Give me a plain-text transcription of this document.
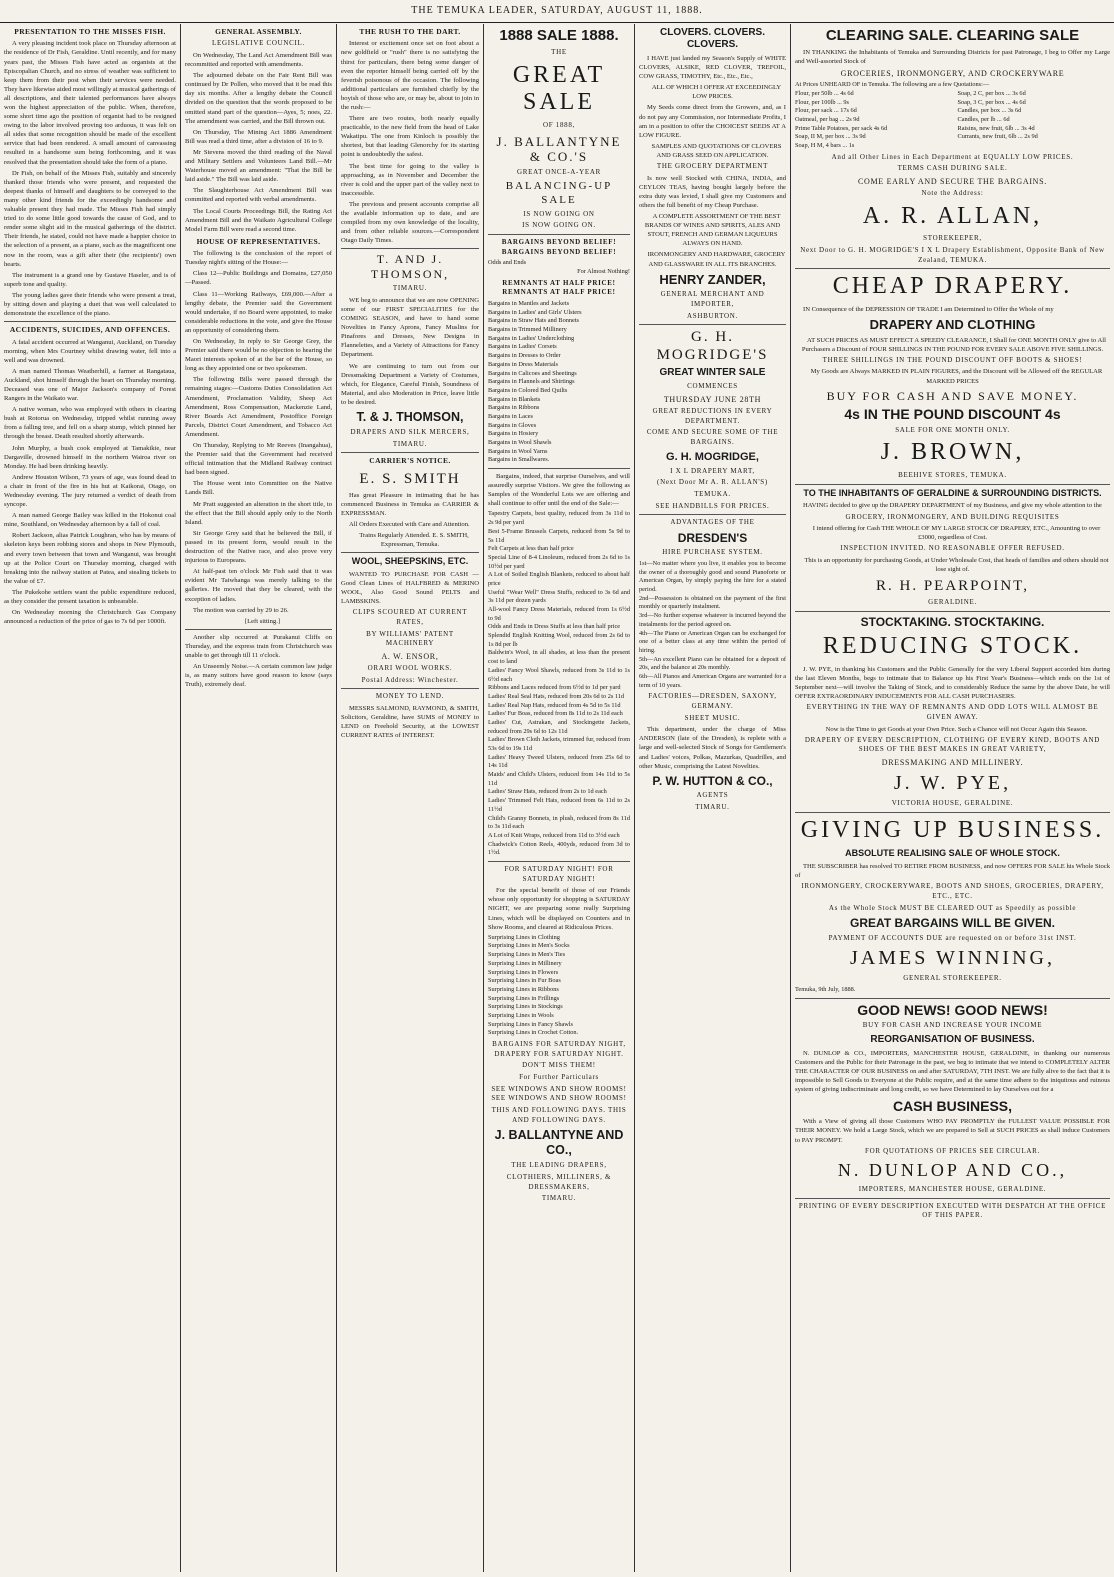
THE TEMUKA LEADER, SATURDAY, AUGUST 11, 1888.
PRESENTATION TO THE MISSES FISH.

A very pleasing incident took place on Thursday afternoon at the residence of Dr Fish, Geraldine. Until recently, and for many years past, the Misses Fish have acted as organists at the Episcopalian Church, and no stress of weather was sufficient to keep them from their post when their services were needed. They have likewise aided most willingly at musical gatherings of all descriptions, and their talented performances have always won the highest appreciation of the public. When, therefore, some short time ago the position of organist had to be resigned owing to the labor involved proving too arduous, it was felt on all sides that some recognition should be made of the excellent service that had been rendered. A small amount of canvassing resulted in a handsome sum being forthcoming, and it was resolved that the presentation should take the form of a piano.

Dr Fish, on behalf of the Misses Fish, suitably and sincerely thanked those friends who were present, and requested the deepest thanks of himself and daughters to be conveyed to the many other kind friends for the exceedingly handsome and valuable present they had made. The Misses Fish had simply tried to do some little good towards the cause of God, and to render some slight aid in the musical gatherings of the district. Their friends, he stated, could not have made a happier choice in the selection of a present, as a piano, such as the magnificent one now in the room, was a gift after their (the recipients') own hearts.

The instrument is a grand one by Gustave Haseler, and is of superb tone and quality.

The young ladies gave their friends who were present a treat, by sitting down and playing a duet that was well calculated to demonstrate the excellence of the piano.

ACCIDENTS, SUICIDES, AND OFFENCES.

A fatal accident occurred at Wanganui, Auckland, on Tuesday morning, when Mrs Courtney whilst drawing water, fell into a well and was drowned.

A man named Thomas Weatherhill, a farmer at Rangataua, Auckland, shot himself through the heart on Thursday morning. Deceased was one of Major Jackson's company of Forest Rangers in the Waikato war.

A native woman, who was employed with others in clearing bush at Rotorua on Wednesday, tripped whilst running away from a falling tree, and fell on a sharp stump, which pinned her through the breast. Death resulted shortly afterwards.

John Murphy, a bush cook employed at Tamakikie, near Dargaville, drowned himself in the northern Wairoa river on Monday. He had been drinking heavily.

Andrew Houston Wilson, 73 years of age, was found dead in a chair in front of the fire in his hut at Kaikorai, Otago, on Wednesday evening. The jury returned a verdict of death from syncope.

A man named George Bailey was killed in the Hokonui coal mine, Southland, on Wednesday afternoon by a fall of coal.

Robert Jackson, alias Patrick Loughran, who has by means of skeleton keys been robbing stores and shops in New Plymouth, and every town between that town and Wanganui, was brought up at the Police Court on Thursday morning, charged with breaking into the railway station at Patea, and stealing tickets to the value of £7.

The Pukekohe settlers want the public expenditure reduced, as they consider the present taxation is unbearable.

On Wednesday morning the Christchurch Gas Company announced a reduction of the price of gas to 7s 6d per 1000ft.

GENERAL ASSEMBLY.
LEGISLATIVE COUNCIL.

On Wednesday, The Land Act Amendment Bill was recommitted and reported with amendments.

The adjourned debate on the Fair Rent Bill was continued by Dr Pollen, who moved that it be read this day six months. After a lengthy debate the Council divided on the question that the words proposed to be omitted stand part of the question—Ayes, 5; noes, 22. The amendment was carried, and the Bill thrown out.

On Thursday, The Mining Act 1886 Amendment Bill was read a third time, after a division of 16 to 9.

Mr Stevens moved the third reading of the Naval and Military Settlers and Volunteers Land Bill.—Mr Waterhouse moved an amendment: "That the Bill be laid aside." The Bill was laid aside.

The Slaughterhouse Act Amendment Bill was committed and reported with verbal amendments.

The Local Courts Proceedings Bill, the Rating Act Amendment Bill and the Waikato Agricultural College Model Farm Bill were read a second time.

HOUSE OF REPRESENTATIVES.

The following is the conclusion of the report of Tuesday night's sitting of the House:—

Class 12—Public Buildings and Domains, £27,050—Passed.

Class 11—Working Railways, £69,000.—After a lengthy debate, the Premier said the Government would undertake, if no Board were appointed, to make considerable reductions in the vote, and give the House an opportunity of considering them.

On Wednesday, In reply to Sir George Grey, the Premier said there would be no objection to hearing the Maori interests spoken of at the bar of the House, so long as they appointed one or two spokesmen.

The following Bills were passed through the remaining stages:—Customs Duties Consolidation Act Amendment, Proclamation Validity, Sheep Act Amendment, Ross Compensation, Mackenzie Land, River Boards Act Amendment, Postoffice Foreign Parcels, District Court Amendment, and Tobacco Act Amendment.

On Thursday, Replying to Mr Reeves (Inangahua), the Premier said that the Government had received official intimation that the Midland Railway contract had been signed.

The House went into Committee on the Native Lands Bill.

Mr Pratt suggested an alteration in the short title, to the effect that the Bill should apply only to the North Island.

Sir George Grey said that he believed the Bill, if passed in its present form, would result in the destruction of the Native race, and also prove very injurious to Europeans.

At half-past ten o'clock Mr Fish said that it was evident Mr Taiwhanga was merely talking to the galleries. He moved that they be cleared, with the exception of ladies.

The motion was carried by 29 to 26.

[Left sitting.]

Another slip occurred at Purakanui Cliffs on Thursday, and the express train from Christchurch was unable to get through till 11 o'clock.

An Unseemly Noise.—A certain common law judge is, as many suitors have good reason to know (says Truth), extremely deaf.

THE RUSH TO THE DART.

Interest or excitement once set on foot about a new goldfield or "rush" there is no satisfying the thirst for particulars, there being some danger of even the reporter himself being carried off by the feverish poisonous of the occasion. The following additional particulars are furnished chiefly by the boyish of those who are, or may be, about to join in the rush:—

There are two routes, both nearly equally practicable, to the new field from the head of Lake Wakatipu. The one from Kinloch is possibly the shortest, but that leading Glenorchy for its starting point is undoubtedly the safest.

The best time for going to the valley is approaching, as in November and December the river is cold and the upper part of the valley next to inaccessible.

The previous and present accounts comprise all the available information up to date, and are compiled from my own knowledge of the locality, and from other reliable sources.—Correspondent Otago Daily Times.

T. AND J. THOMSON,
TIMARU.

WE beg to announce that we are now OPENING some of our FIRST SPECIALITIES for the COMING SEASON, and have to hand some Novelties in Fancy Aprons, Fancy Muslins for Pinafores and Dresses, New Designs in Flannelettes, and a Variety of Attractions for Fancy Department.

We are continuing to turn out from our Dressmaking Department a Variety of Costumes, which, for Elegance, Careful Finish, Soundness of Material, and also Moderation in Price, leave little to be desired.

T. & J. THOMSON,
DRAPERS AND SILK MERCERS,
TIMARU.
CARRIER'S NOTICE.
E. S. SMITH

Has great Pleasure in intimating that he has commenced Business in Temuka as CARRIER & EXPRESSMAN.

All Orders Executed with Care and Attention.

Trains Regularly Attended. E. S. SMITH, Expressman, Temuka.

WOOL, SHEEPSKINS, ETC.

WANTED TO PURCHASE FOR CASH — Good Clean Lines of HALFBRED & MERINO WOOL, Also Good Sound PELTS and LAMBSKINS.

CLIPS SCOURED AT CURRENT RATES,
BY WILLIAMS' PATENT MACHINERY
A. W. ENSOR,
ORARI WOOL WORKS.
Postal Address: Winchester.
MONEY TO LEND.

MESSRS SALMOND, RAYMOND, & SMITH, Solicitors, Geraldine, have SUMS of MONEY to LEND on Freehold Security, at the LOWEST CURRENT RATES of INTEREST.

1888 SALE 1888.
THE
GREAT SALE
OF 1888,
J. BALLANTYNE & CO.'S
GREAT ONCE-A-YEAR
BALANCING-UP SALE
IS NOW GOING ON
IS NOW GOING ON.
BARGAINS BEYOND BELIEF! BARGAINS BEYOND BELIEF!
Odds and Ends
For Almost Nothing!
REMNANTS AT HALF PRICE! REMNANTS AT HALF PRICE!
Bargains in Mantles and Jackets
Bargains in Ladies' and Girls' Ulsters
Bargains in Straw Hats and Bonnets
Bargains in Trimmed Millinery
Bargains in Ladies' Underclothing
Bargains in Ladies' Corsets
Bargains in Dresses to Order
Bargains in Dress Materials
Bargains in Calicoes and Sheetings
Bargains in Flannels and Shirtings
Bargains in Colored Bed Quilts
Bargains in Blankets
Bargains in Ribbons
Bargains in Laces
Bargains in Gloves
Bargains in Hosiery
Bargains in Wool Shawls
Bargains in Wool Yarns
Bargains in Smallwares.

Bargains, indeed, that surprise Ourselves, and will assuredly surprise Visitors. We give the following as Samples of the Wonderful Lots we are offering and shall continue to offer until the end of the Sale:—

Tapestry Carpets, best quality, reduced from 3s 11d to 2s 9d per yard
Best 5-Frame Brussels Carpets, reduced from 5s 9d to 5s 11d
Felt Carpets at less than half price
Special Line of 8-4 Linoleum, reduced from 2s 6d to 1s 10½d per yard
A Lot of Soiled English Blankets, reduced to about half price
Useful "Wear Well" Dress Stuffs, reduced to 3s 6d and 3s 11d per dozen yards
All-wool Fancy Dress Materials, reduced from 1s 6½d to 9d
Odds and Ends in Dress Stuffs at less than half price
Splendid English Knitting Wool, reduced from 2s 6d to 1s 8d per lb
Baldwin's Wool, in all shades, at less than the present cost to land
Ladies' Fancy Wool Shawls, reduced from 3s 11d to 1s 6½d each
Ribbons and Laces reduced from 6½d to 1d per yard
Ladies' Real Seal Hats, reduced from 20s 6d to 2s 11d
Ladies' Real Nap Hats, reduced from 4s 5d to 5s 11d
Ladies' Fur Boas, reduced from 8s 11d to 2s 11d each
Ladies' Cut, Astrakan, and Stockingette Jackets, reduced from 29s 6d to 12s 11d
Ladies' Brown Cloth Jackets, trimmed fur, reduced from 53s 6d to 19s 11d
Ladies' Heavy Tweed Ulsters, reduced from 25s 6d to 14s 11d
Maids' and Child's Ulsters, reduced from 14s 11d to 5s 11d
Ladies' Straw Hats, reduced from 2s to 1d each
Ladies' Trimmed Felt Hats, reduced from 6s 11d to 2s 11½d
Child's Granny Bonnets, in plush, reduced from 8s 11d to 3s 11d each
A Lot of Knit Wraps, reduced from 11d to 3½d each
Chadwick's Cotton Reels, 400yds, reduced from 3d to 1½d.
FOR SATURDAY NIGHT! FOR SATURDAY NIGHT!

For the special benefit of those of our Friends whose only opportunity for shopping is SATURDAY NIGHT, we are preparing some really Surprising Lines, which will be displayed on Counters and in Show Rooms, and cleared at Ridiculous Prices.

Surprising Lines in Clothing
Surprising Lines in Men's Socks
Surprising Lines in Men's Ties
Surprising Lines in Millinery
Surprising Lines in Flowers
Surprising Lines in Fur Boas
Surprising Lines in Ribbons
Surprising Lines in Frillings
Surprising Lines in Stockings
Surprising Lines in Wools
Surprising Lines in Fancy Shawls
Surprising Lines in Crochet Cotton.
BARGAINS FOR SATURDAY NIGHT, DRAPERY FOR SATURDAY NIGHT.
DON'T MISS THEM!
For Further Particulars
SEE WINDOWS AND SHOW ROOMS! SEE WINDOWS AND SHOW ROOMS!
THIS AND FOLLOWING DAYS. THIS AND FOLLOWING DAYS.
J. BALLANTYNE AND CO.,
THE LEADING DRAPERS,
CLOTHIERS, MILLINERS, & DRESSMAKERS,
TIMARU.
CLOVERS. CLOVERS. CLOVERS.

I HAVE just landed my Season's Supply of WHITE CLOVERS, ALSIKE, RED CLOVER, TREFOIL, COW GRASS, TIMOTHY, Etc., Etc., Etc.,

ALL OF WHICH I OFFER AT EXCEEDINGLY LOW PRICES.

My Seeds come direct from the Growers, and, as I do not pay any Commission, nor Intermediate Profits, I am in a position to offer the CHOICEST SEEDS AT A LOW FIGURE.

SAMPLES AND QUOTATIONS OF CLOVERS AND GRASS SEED ON APPLICATION.

THE GROCERY DEPARTMENT

Is now well Stocked with CHINA, INDIA, and CEYLON TEAS, having bought largely before the extra duty was levied, I shall give my Customers and others the full benefit of my Cheap Purchase.

A COMPLETE ASSORTMENT OF THE BEST BRANDS OF WINES AND SPIRITS, ALES AND STOUT, FRENCH AND GERMAN LIQUEURS ALWAYS ON HAND.

IRONMONGERY AND HARDWARE, GROCERY AND GLASSWARE IN ALL ITS BRANCHES.

HENRY ZANDER,
GENERAL MERCHANT AND IMPORTER,
ASHBURTON.
G. H. MOGRIDGE'S
GREAT WINTER SALE
COMMENCES
THURSDAY JUNE 28TH
GREAT REDUCTIONS IN EVERY DEPARTMENT.
COME AND SECURE SOME OF THE BARGAINS.
G. H. MOGRIDGE,
I X L DRAPERY MART,
(Next Door Mr A. R. ALLAN'S)
TEMUKA.
SEE HANDBILLS FOR PRICES.
ADVANTAGES OF THE
DRESDEN'S
HIRE PURCHASE SYSTEM.
1st—No matter where you live, it enables you to become the owner of a thoroughly good and sound Pianoforte or American Organ, by simply paying the hire for a stated period.
2nd—Possession is obtained on the payment of the first monthly or quarterly instalment.
3rd—No further expense whatever is incurred beyond the instalments for the period agreed on.
4th—The Piano or American Organ can be exchanged for one of a better class at any time within the period of hiring.
5th—An excellent Piano can be obtained for a deposit of 20s, and the balance at 20s monthly.
6th—All Pianos and American Organs are warranted for a term of 10 years.
FACTORIES—DRESDEN, SAXONY, GERMANY.
SHEET MUSIC.

This department, under the charge of Miss ANDERSON (late of the Dresden), is replete with a large and well-selected Stock of Songs for Gentlemen's and Ladies' voices, Polkas, Mazurkas, Quadrilles, and other Music, comprising the Latest Novelties.

P. W. HUTTON & CO.,
AGENTS
TIMARU.
CLEARING SALE. CLEARING SALE

IN THANKING the Inhabitants of Temuka and Surrounding Districts for past Patronage, I beg to Offer my Large and Well-assorted Stock of

GROCERIES, IRONMONGERY, AND CROCKERYWARE
At Prices UNHEARD OF in Temuka. The following are a few Quotations:—
Flour, per 50lb ... 4s 6d
Flour, per 100lb ... 9s
Flour, per sack ... 17s 6d
Oatmeal, per bag ... 2s 9d
Prime Table Potatoes, per sack 4s 6d
Soap, II M, per box ... 3s 9d
Soap, H M, 4 bars ... 1s
Soap, 2 C, per box ... 3s 6d
Soap, 3 C, per box ... 4s 6d
Candles, per box ... 3s 6d
Candles, per lb ... 6d
Raisins, new fruit, 6lb ... 3s 4d
Currants, new fruit, 6lb ... 2s 9d
And all Other Lines in Each Department at EQUALLY LOW PRICES.
TERMS CASH DURING SALE.
COME EARLY AND SECURE THE BARGAINS.
Note the Address:
A. R. ALLAN,
STOREKEEPER,
Next Door to G. H. MOGRIDGE'S I X L Drapery Establishment, Opposite Bank of New Zealand, TEMUKA.
CHEAP DRAPERY.

IN Consequence of the DEPRESSION OF TRADE I am Determined to Offer the Whole of my

DRAPERY AND CLOTHING

AT SUCH PRICES AS MUST EFFECT A SPEEDY CLEARANCE, I Shall for ONE MONTH ONLY give to All Purchasers a Discount of FOUR SHILLINGS IN THE POUND FOR EVERY SALE ABOVE FIVE SHILLINGS.

THREE SHILLINGS IN THE POUND DISCOUNT OFF BOOTS & SHOES!

My Goods are Always MARKED IN PLAIN FIGURES, and the Discount will be Allowed off the REGULAR MARKED PRICES

BUY FOR CASH AND SAVE MONEY.
4s IN THE POUND DISCOUNT 4s
SALE FOR ONE MONTH ONLY.
J. BROWN,
BEEHIVE STORES, TEMUKA.
TO THE INHABITANTS OF GERALDINE & SURROUNDING DISTRICTS.

HAVING decided to give up the DRAPERY DEPARTMENT of my Business, and give my whole attention to the

GROCERY, IRONMONGERY, AND BUILDING REQUISITES

I intend offering for Cash THE WHOLE OF MY LARGE STOCK OF DRAPERY, ETC., Amounting to over £3000, regardless of Cost.

INSPECTION INVITED. NO REASONABLE OFFER REFUSED.

This is an opportunity for purchasing Goods, at Under Wholesale Cost, that heads of families and others should not lose sight of.

R. H. PEARPOINT,
GERALDINE.
STOCKTAKING. STOCKTAKING.
REDUCING STOCK.

J. W. PYE, in thanking his Customers and the Public Generally for the very Liberal Support accorded him during the last Eleven Months, begs to intimate that to Balance up his First Year's Business—which ends on the 1st of September next—will involve the Taking of Stock, and to considerably Reduce the same by the above Date, he will OFFER EXTRAORDINARY INDUCEMENTS FOR ALL CASH PURCHASERS.

EVERYTHING IN THE WAY OF REMNANTS AND ODD LOTS WILL ALMOST BE GIVEN AWAY.

Now is the Time to get Goods at your Own Price. Such a Chance will not Occur Again this Season.

DRAPERY OF EVERY DESCRIPTION, CLOTHING OF EVERY KIND, BOOTS AND SHOES OF THE BEST MAKES IN GREAT VARIETY,
DRESSMAKING AND MILLINERY.
J. W. PYE,
VICTORIA HOUSE, GERALDINE.
GIVING UP BUSINESS.
ABSOLUTE REALISING SALE OF WHOLE STOCK.

THE SUBSCRIBER has resolved TO RETIRE FROM BUSINESS, and now OFFERS FOR SALE his Whole Stock of

IRONMONGERY, CROCKERYWARE, BOOTS AND SHOES, GROCERIES, DRAPERY, ETC., ETC.
As the Whole Stock MUST BE CLEARED OUT as Speedily as possible
GREAT BARGAINS WILL BE GIVEN.
PAYMENT OF ACCOUNTS DUE are requested on or before 31st INST.
JAMES WINNING,
GENERAL STOREKEEPER.
Temuka, 9th July, 1888.
GOOD NEWS! GOOD NEWS!
BUY FOR CASH AND INCREASE YOUR INCOME
REORGANISATION OF BUSINESS.

N. DUNLOP & CO., IMPORTERS, MANCHESTER HOUSE, GERALDINE, in thanking our numerous Customers and the Public for their Patronage in the past, we beg to intimate that we intend to COMPLETELY ALTER THE CHARACTER OF OUR BUSINESS on and after SATURDAY, 7TH INST. We are fully alive to the fact that it is impossible to Sell Goods to Everyone at the Public require, and at the same time adhere to the iniquitous and ruinous system of giving indiscriminate and long credit, so we have Determined to lay Ourselves out for a

CASH BUSINESS,

With a View of giving all those Customers WHO PAY PROMPTLY the FULLEST VALUE POSSIBLE FOR THEIR MONEY. We hold a Large Stock, which we are prepared to Sell at SUCH PRICES as shall induce Customers to PAY PROMPT.

FOR QUOTATIONS OF PRICES SEE CIRCULAR.
N. DUNLOP AND CO.,
IMPORTERS, MANCHESTER HOUSE, GERALDINE.
PRINTING OF EVERY DESCRIPTION EXECUTED WITH DESPATCH AT THE OFFICE OF THIS PAPER.
